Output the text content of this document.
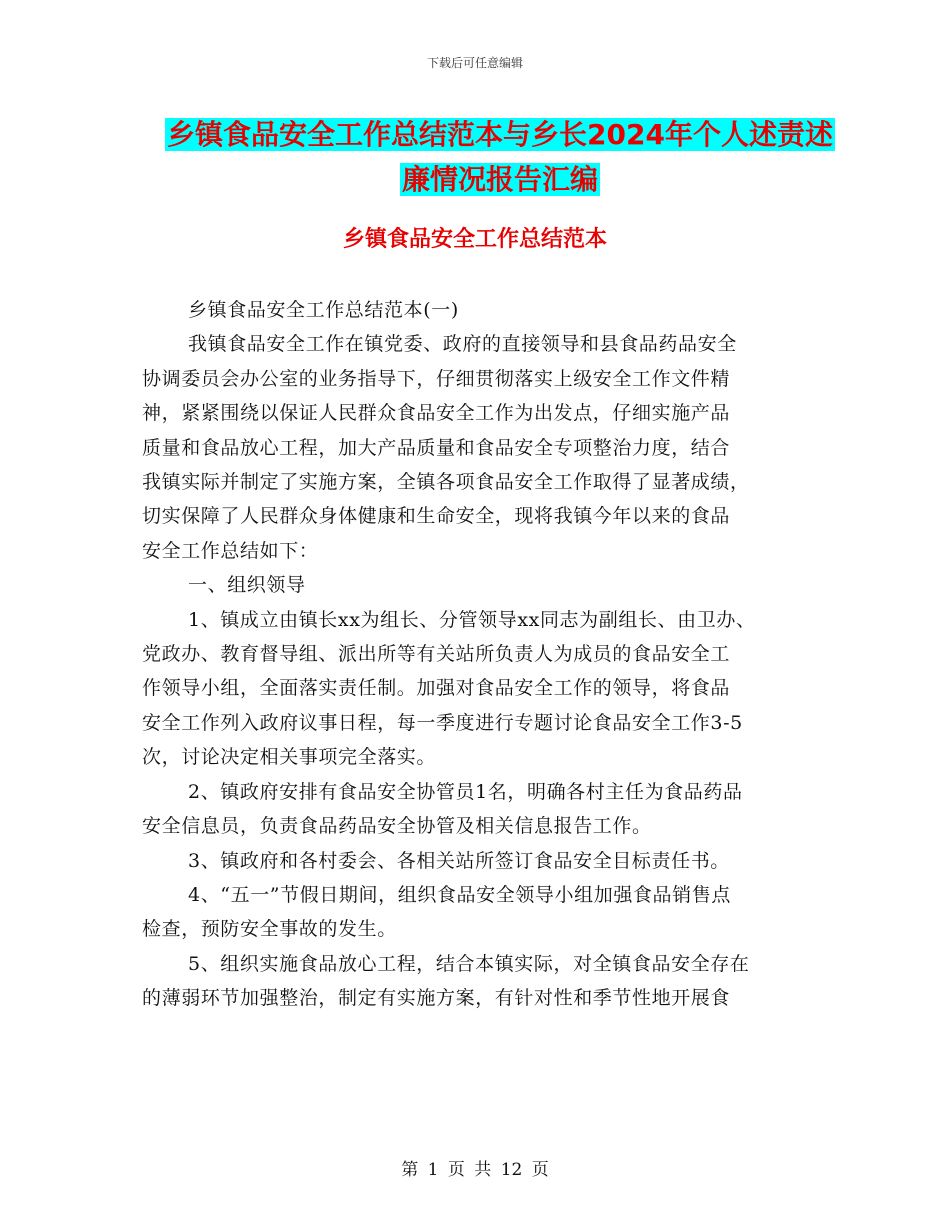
下载后可任意编辑
乡镇食品安全工作总结范本与乡长2024年个人述责述
廉情况报告汇编
乡镇食品安全工作总结范本
乡镇食品安全工作总结范本(一)
我镇食品安全工作在镇党委、政府的直接领导和县食品药品安全
协调委员会办公室的业务指导下，仔细贯彻落实上级安全工作文件精
神，紧紧围绕以保证人民群众食品安全工作为出发点，仔细实施产品
质量和食品放心工程，加大产品质量和食品安全专项整治力度，结合
我镇实际并制定了实施方案，全镇各项食品安全工作取得了显著成绩，
切实保障了人民群众身体健康和生命安全，现将我镇今年以来的食品
安全工作总结如下：
一、组织领导
1、镇成立由镇长xx为组长、分管领导xx同志为副组长、由卫办、
党政办、教育督导组、派出所等有关站所负责人为成员的食品安全工
作领导小组，全面落实责任制。加强对食品安全工作的领导，将食品
安全工作列入政府议事日程，每一季度进行专题讨论食品安全工作3-5
次，讨论决定相关事项完全落实。
2、镇政府安排有食品安全协管员1名，明确各村主任为食品药品
安全信息员，负责食品药品安全协管及相关信息报告工作。
3、镇政府和各村委会、各相关站所签订食品安全目标责任书。
4、“五一”节假日期间，组织食品安全领导小组加强食品销售点
检查，预防安全事故的发生。
5、组织实施食品放心工程，结合本镇实际，对全镇食品安全存在
的薄弱环节加强整治，制定有实施方案，有针对性和季节性地开展食
第 1 页 共 12 页
